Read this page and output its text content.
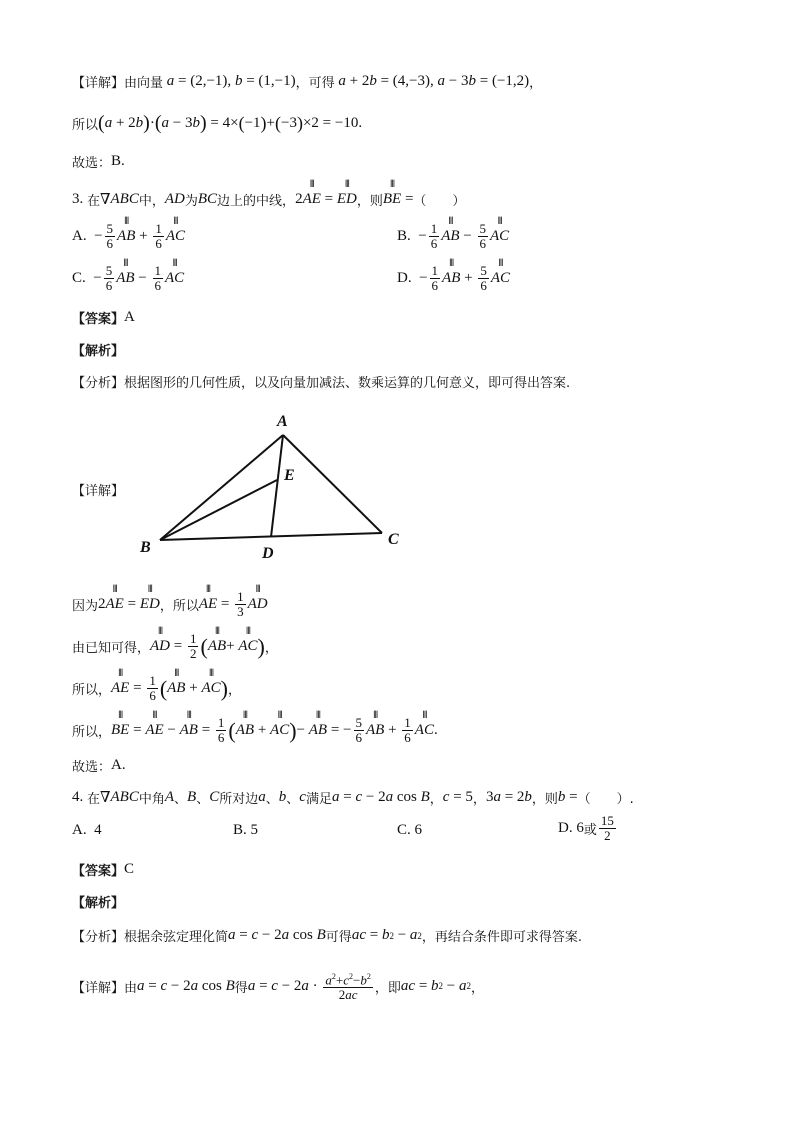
【详解】由向量 a = (2,−1), b = (1,−1) ，可得 a + 2 b = (4,−3), a − 3 b = (−1,2) ，
所以 ( a + 2 b ) · ( a − 3 b ) = 4× ( −1 ) + ( −3 ) ×2 = −10.
故选： B.
3. 在 ∇ ABC 中， AD 为 BC 边上的中线， 2 ꟾꟾꟾ AE = ꟾꟾꟾ ED ，则 ꟾꟾꟾ BE = （　　）
A.  − $\frac{5}{6}$ ꟾꟾꟾ AB + $\frac{1}{6}$ ꟾꟾꟾ AC	B.  − $\frac{1}{6}$ ꟾꟾꟾ AB − $\frac{5}{6}$ ꟾꟾꟾ AC
C.  − $\frac{5}{6}$ ꟾꟾꟾ AB − $\frac{1}{6}$ ꟾꟾꟾ AC	D.  − $\frac{1}{6}$ ꟾꟾꟾ AB + $\frac{5}{6}$ ꟾꟾꟾ AC
【答案】 A
【解析】
【分析】根据图形的几何性质，以及向量加减法、数乘运算的几何意义，即可得出答案.
【详解】
A
E
B	D
C
因为 2 ꟾꟾꟾ AE = ꟾꟾꟾ ED ，所以 ꟾꟾꟾ AE = $\frac{1}{3}$ ꟾꟾꟾ AD
由已知可得， ꟾꟾꟾ AD = $\frac{1}{2}$ ( ꟾꟾꟾ AB + ꟾꟾꟾ AC ) ，
所以， ꟾꟾꟾ AE = $\frac{1}{6}$ ( ꟾꟾꟾ AB + ꟾꟾꟾ AC ) ，
所以， ꟾꟾꟾ BE = ꟾꟾꟾ AE − ꟾꟾꟾ AB = $\frac{1}{6}$ ( ꟾꟾꟾ AB + ꟾꟾꟾ AC ) − ꟾꟾꟾ AB = − $\frac{5}{6}$ ꟾꟾꟾ AB + $\frac{1}{6}$ ꟾꟾꟾ AC .
故选： A.
4. 在 ∇ ABC 中角 A 、 B 、 C 所对边 a 、 b 、 c 满足 a = c − 2 a cos B ， c = 5 ， 3 a = 2 b ，则 b = （　　）.
A.  4	B. 5	C. 6	D. 6 或 $\frac{15}{2}$
【答案】 C
【解析】
【分析】根据余弦定理化简 a = c − 2 a cos B 可得 ac = b 2 − a 2 ，再结合条件即可求得答案.
【详解】由 a = c − 2 a cos B 得 a = c − 2 $a \cdot \frac{a^2+c^2-b^2}{2ac}$ ，即 ac = b 2 − a 2 ，
